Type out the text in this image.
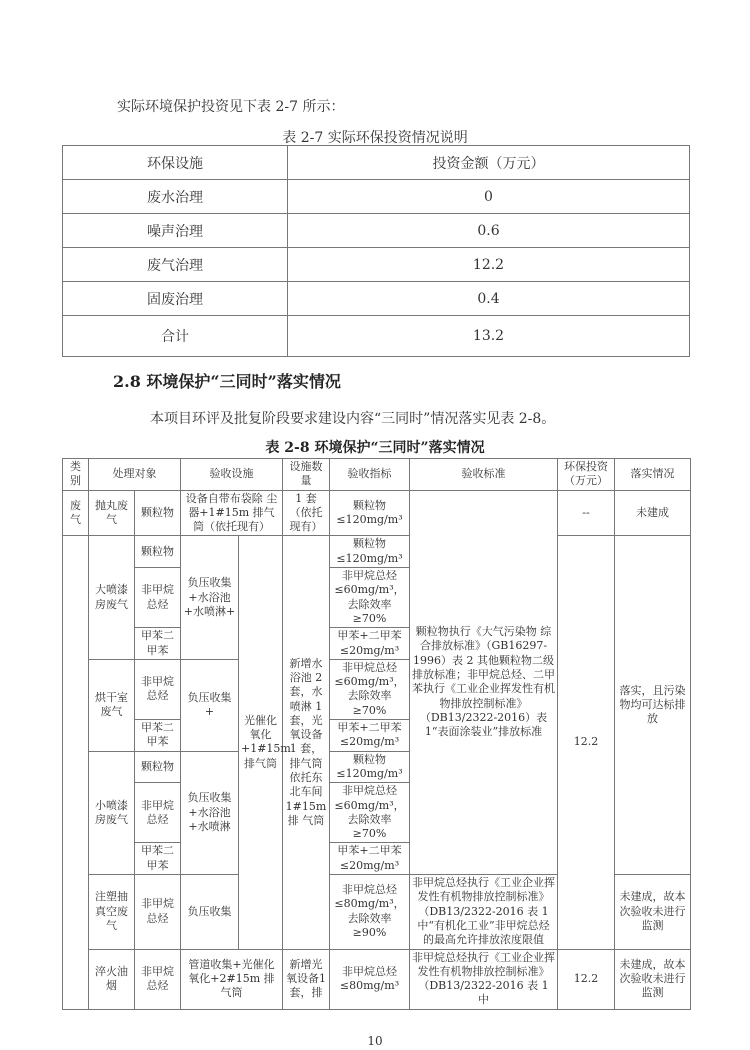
实际环境保护投资见下表 2-7 所示：
表 2-7 实际环保投资情况说明
环保设施	投资金额（万元）
废水治理	0
噪声治理	0.6
废气治理	12.2
固废治理	0.4
合计	13.2
2.8 环境保护“三同时”落实情况
本项目环评及批复阶段要求建设内容“三同时”情况落实见表 2-8。
表 2-8 环境保护“三同时”落实情况
类别	处理对象		验收设施		设施数量	验收指标	验收标准	环保投资（万元）	落实情况
废气	抛丸废气	颗粒物	设备自带布袋除 尘器+1#15m 排气 筒（依托现有）		1 套（依托现有）	颗粒物≤120mg/m³	颗粒物执行《大气污染物 综合排放标准》（GB16297-1996）表 2 其他颗粒物二级排放标准；非甲烷总烃、二甲苯执行《工业企业挥发性有机物排放控制标准》（DB13/2322-2016）表 1“表面涂装业”排放标准	--	未建成
	大喷漆房废气	颗粒物	负压收集+水浴池+水喷淋+	光催化氧化+1#15m排气筒	新增水浴池 2 套，水喷淋 1 套，光氧设备 1 套，排气筒依托东北车间 1#15m 排 气筒	颗粒物≤120mg/m³		12.2	落实，且污染物均可达标排放
		非甲烷总烃				非甲烷总烃≤60mg/m³，去除效率≥70%			
		甲苯二甲苯				甲苯+二甲苯≤20mg/m³			
	烘干室废气	非甲烷总烃	负压收集+			非甲烷总烃≤60mg/m³，去除效率≥70%			
		甲苯二甲苯				甲苯+二甲苯≤20mg/m³			
	小喷漆房废气	颗粒物	负压收集+水浴池+水喷淋			颗粒物≤120mg/m³			
		非甲烷总烃				非甲烷总烃≤60mg/m³，去除效率≥70%			
		甲苯二甲苯				甲苯+二甲苯≤20mg/m³			
	注塑抽真空废气	非甲烷总烃	负压收集			非甲烷总烃≤80mg/m³，去除效率≥90%	非甲烷总烃执行《工业企业挥发性有机物排放控制标准》（DB13/2322-2016 表 1 中“有机化工业”非甲烷总烃的最高允许排放浓度限值		未建成，故本次验收未进行监测
	淬火油烟	非甲烷总烃	管道收集+光催化氧化+2#15m 排气筒		新增光氧设备1套，排	非甲烷总烃≤80mg/m³	非甲烷总烃执行《工业企业挥发性有机物排放控制标准》（DB13/2322-2016 表 1 中	12.2	未建成，故本次验收未进行监测
10
